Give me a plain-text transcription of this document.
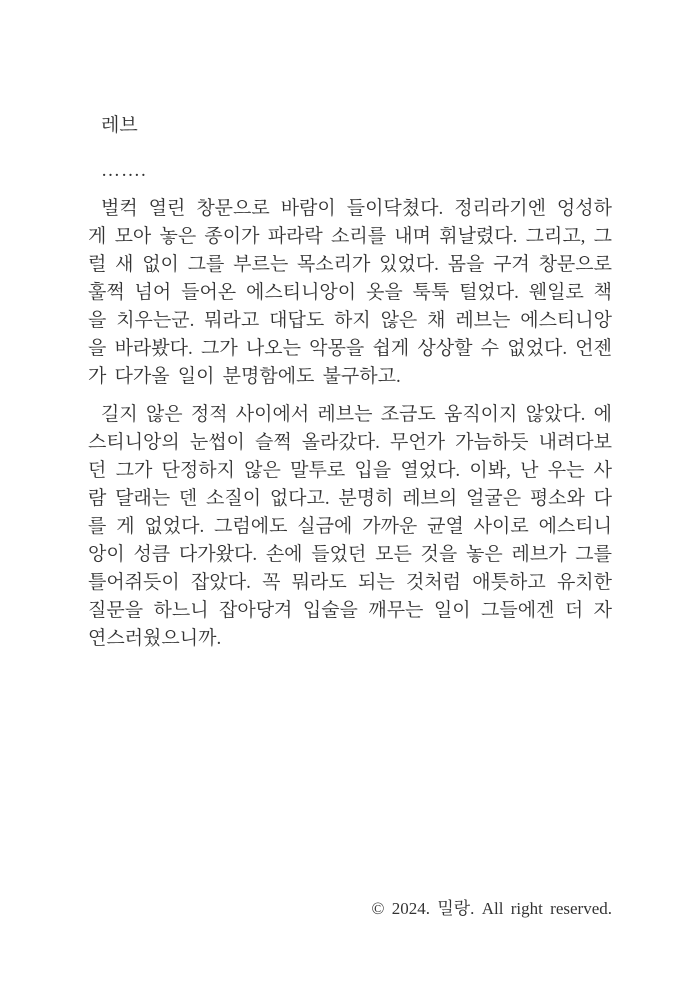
레브

…….

벌컥 열린 창문으로 바람이 들이닥쳤다. 정리라기엔 엉성하게 모아 놓은 종이가 파라락 소리를 내며 휘날렸다. 그리고, 그럴 새 없이 그를 부르는 목소리가 있었다. 몸을 구겨 창문으로 훌쩍 넘어 들어온 에스티니앙이 옷을 툭툭 털었다. 웬일로 책을 치우는군. 뭐라고 대답도 하지 않은 채 레브는 에스티니앙을 바라봤다. 그가 나오는 악몽을 쉽게 상상할 수 없었다. 언젠가 다가올 일이 분명함에도 불구하고.

길지 않은 정적 사이에서 레브는 조금도 움직이지 않았다. 에스티니앙의 눈썹이 슬쩍 올라갔다. 무언가 가늠하듯 내려다보던 그가 단정하지 않은 말투로 입을 열었다. 이봐, 난 우는 사람 달래는 덴 소질이 없다고. 분명히 레브의 얼굴은 평소와 다를 게 없었다. 그럼에도 실금에 가까운 균열 사이로 에스티니앙이 성큼 다가왔다. 손에 들었던 모든 것을 놓은 레브가 그를 틀어쥐듯이 잡았다. 꼭 뭐라도 되는 것처럼 애틋하고 유치한 질문을 하느니 잡아당겨 입술을 깨무는 일이 그들에겐 더 자연스러웠으니까.

© 2024. 밀랑. All right reserved.
